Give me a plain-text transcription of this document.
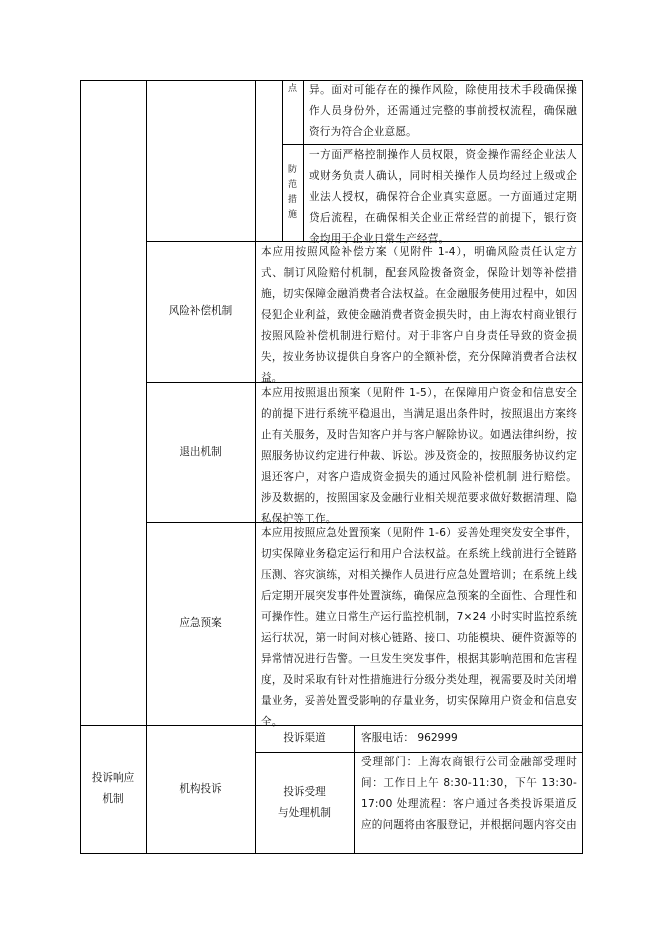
点	异。面对可能存在的操作风险，除使用技术手段确保操作人员身份外，还需通过完整的事前授权流程，确保融资行为符合企业意愿。
防
范
措
施
一方面严格控制操作人员权限，资金操作需经企业法人或财务负责人确认，同时相关操作人员均经过上级或企业法人授权，确保符合企业真实意愿。一方面通过定期贷后流程，在确保相关企业正常经营的前提下，银行资金均用于企业日常生产经营。
风险补偿机制
本应用按照风险补偿方案（见附件 1-4），明确风险责任认定方式、制订风险赔付机制，配套风险拨备资金，保险计划等补偿措施，切实保障金融消费者合法权益。在金融服务使用过程中，如因侵犯企业利益，致使金融消费者资金损失时，由上海农村商业银行按照风险补偿机制进行赔付。对于非客户自身责任导致的资金损失，按业务协议提供自身客户的全额补偿，充分保障消费者合法权益。
退出机制
本应用按照退出预案（见附件 1-5），在保障用户资金和信息安全的前提下进行系统平稳退出，当满足退出条件时，按照退出方案终止有关服务，及时告知客户并与客户解除协议。如遇法律纠纷，按照服务协议约定进行仲裁、诉讼。涉及资金的，按照服务协议约定退还客户，对客户造成资金损失的通过风险补偿机制 进行赔偿。涉及数据的，按照国家及金融行业相关规范要求做好数据清理、隐私保护等工作。
应急预案
本应用按照应急处置预案（见附件 1-6）妥善处理突发安全事件，切实保障业务稳定运行和用户合法权益。在系统上线前进行全链路压测、容灾演练，对相关操作人员进行应急处置培训；在系统上线后定期开展突发事件处置演练，确保应急预案的全面性、合理性和可操作性。建立日常生产运行监控机制，7×24 小时实时监控系统运行状况，第一时间对核心链路、接口、功能模块、硬件资源等的异常情况进行告警。一旦发生突发事件，根据其影响范围和危害程度，及时采取有针对性措施进行分级分类处理，视需要及时关闭增量业务，妥善处置受影响的存量业务，切实保障用户资金和信息安全。
投诉响应
机制
机构投诉
投诉渠道	客服电话： 962999
投诉受理
与处理机制
受理部门：上海农商银行公司金融部受理时间：工作日上午 8:30-11:30，下午 13:30-17:00 处理流程：客户通过各类投诉渠道反应的问题将由客服登记，并根据问题内容交由
